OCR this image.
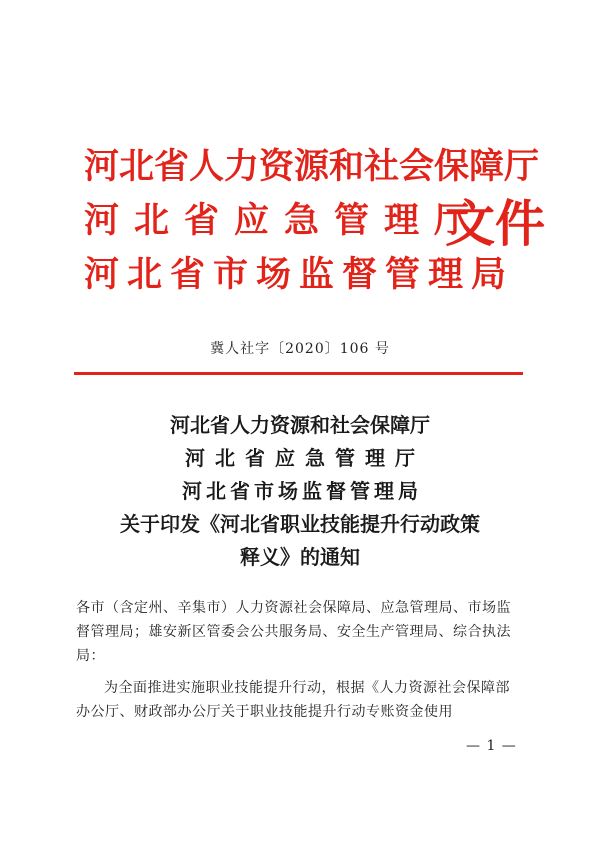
河北省人力资源和社会保障厅
河北省应急管理厅
河北省市场监督管理局
文件
冀人社字〔2020〕106 号
河北省人力资源和社会保障厅
河北省应急管理厅
河北省市场监督管理局
关于印发《河北省职业技能提升行动政策
释义》的通知
各市（含定州、辛集市）人力资源社会保障局、应急管理局、市场监督管理局；雄安新区管委会公共服务局、安全生产管理局、综合执法局：
为全面推进实施职业技能提升行动，根据《人力资源社会保障部办公厅、财政部办公厅关于职业技能提升行动专账资金使用
— 1 —
